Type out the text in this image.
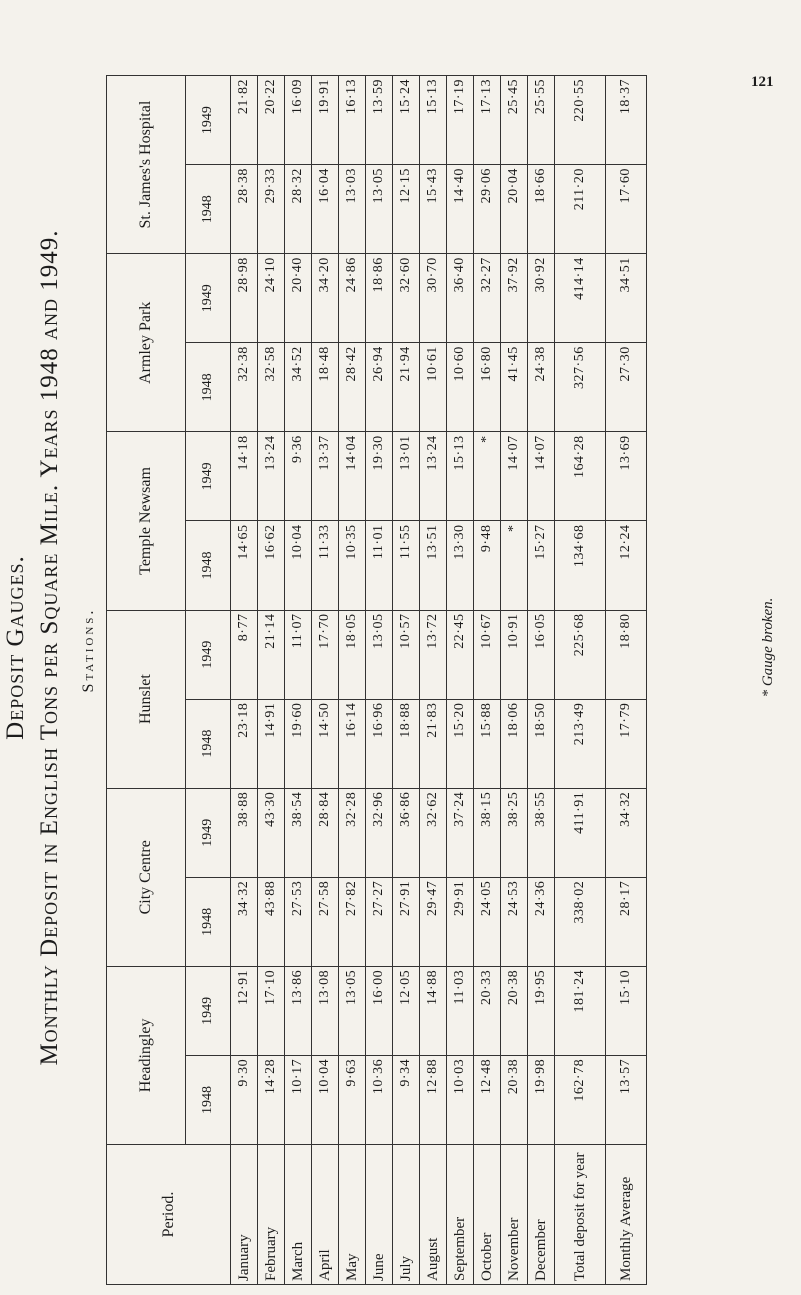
121
Deposit Gauges. Monthly Deposit in English Tons per Square Mile. Years 1948 and 1949.
Stations.
Period.	Headingley		City Centre		Hunslet		Temple Newsam		Armley Park		St. James's Hospital	
	1948	1949	1948	1949	1948	1949	1948	1949	1948	1949	1948	1949
January	9·30	12·91	34·32	38·88	23·18	8·77	14·65	14·18	32·38	28·98	28·38	21·82
February	14·28	17·10	43·88	43·30	14·91	21·14	16·62	13·24	32·58	24·10	29·33	20·22
March	10·17	13·86	27·53	38·54	19·60	11·07	10·04	9·36	34·52	20·40	28·32	16·09
April	10·04	13·08	27·58	28·84	14·50	17·70	11·33	13·37	18·48	34·20	16·04	19·91
May	9·63	13·05	27·82	32·28	16·14	18·05	10·35	14·04	28·42	24·86	13·03	16·13
June	10·36	16·00	27·27	32·96	16·96	13·05	11·01	19·30	26·94	18·86	13·05	13·59
July	9·34	12·05	27·91	36·86	18·88	10·57	11·55	13·01	21·94	32·60	12·15	15·24
August	12·88	14·88	29·47	32·62	21·83	13·72	13·51	13·24	10·61	30·70	15·43	15·13
September	10·03	11·03	29·91	37·24	15·20	22·45	13·30	15·13	10·60	36·40	14·40	17·19
October	12·48	20·33	24·05	38·15	15·88	10·67	9·48	*	16·80	32·27	29·06	17·13
November	20·38	20·38	24·53	38·25	18·06	10·91	*	14·07	41·45	37·92	20·04	25·45
December	19·98	19·95	24·36	38·55	18·50	16·05	15·27	14·07	24·38	30·92	18·66	25·55
Total deposit for year	162·78	181·24	338·02	411·91	213·49	225·68	134·68	164·28	327·56	414·14	211·20	220·55
Monthly Average	13·57	15·10	28·17	34·32	17·79	18·80	12·24	13·69	27·30	34·51	17·60	18·37
* Gauge broken.
